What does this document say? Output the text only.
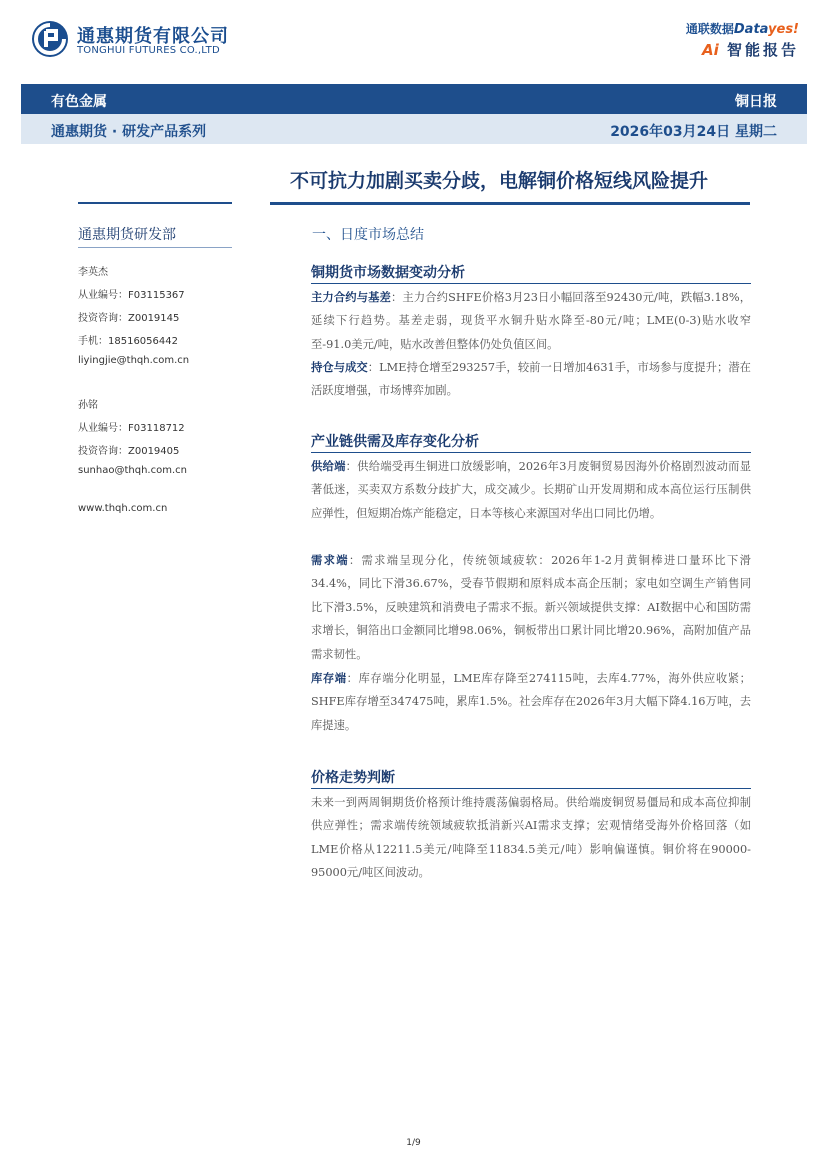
通惠期货有限公司
TONGHUI FUTURES CO.,LTD
通联数据Datayes!
Ai 智能报告
有色金属	铜日报
通惠期货 · 研发产品系列	2026年03月24日 星期二
不可抗力加剧买卖分歧，电解铜价格短线风险提升
通惠期货研发部
李英杰
从业编号：F03115367
投资咨询：Z0019145
手机：18516056442
liyingjie@thqh.com.cn
孙铭
从业编号：F03118712
投资咨询：Z0019405
sunhao@thqh.com.cn
www.thqh.com.cn
一、日度市场总结
铜期货市场数据变动分析
主力合约与基差：主力合约SHFE价格3月23日小幅回落至92430元/吨，跌幅3.18%，延续下行趋势。基差走弱，现货平水铜升贴水降至-80元/吨；LME(0-3)贴水收窄至-91.0美元/吨，贴水改善但整体仍处负值区间。
持仓与成交：LME持仓增至293257手，较前一日增加4631手，市场参与度提升；潜在活跃度增强，市场博弈加剧。
产业链供需及库存变化分析
供给端：供给端受再生铜进口放缓影响，2026年3月废铜贸易因海外价格剧烈波动而显著低迷，买卖双方系数分歧扩大，成交减少。长期矿山开发周期和成本高位运行压制供应弹性，但短期冶炼产能稳定，日本等核心来源国对华出口同比仍增。
需求端：需求端呈现分化，传统领域疲软：2026年1-2月黄铜棒进口量环比下滑34.4%，同比下滑36.67%，受春节假期和原料成本高企压制；家电如空调生产销售同比下滑3.5%，反映建筑和消费电子需求不振。新兴领域提供支撑：AI数据中心和国防需求增长，铜箔出口金额同比增98.06%，铜板带出口累计同比增20.96%，高附加值产品需求韧性。
库存端：库存端分化明显，LME库存降至274115吨，去库4.77%，海外供应收紧；SHFE库存增至347475吨，累库1.5%。社会库存在2026年3月大幅下降4.16万吨，去库提速。
价格走势判断
未来一到两周铜期货价格预计维持震荡偏弱格局。供给端废铜贸易僵局和成本高位抑制供应弹性；需求端传统领域疲软抵消新兴AI需求支撑；宏观情绪受海外价格回落（如LME价格从12211.5美元/吨降至11834.5美元/吨）影响偏谨慎。铜价将在90000-95000元/吨区间波动。
1/9
